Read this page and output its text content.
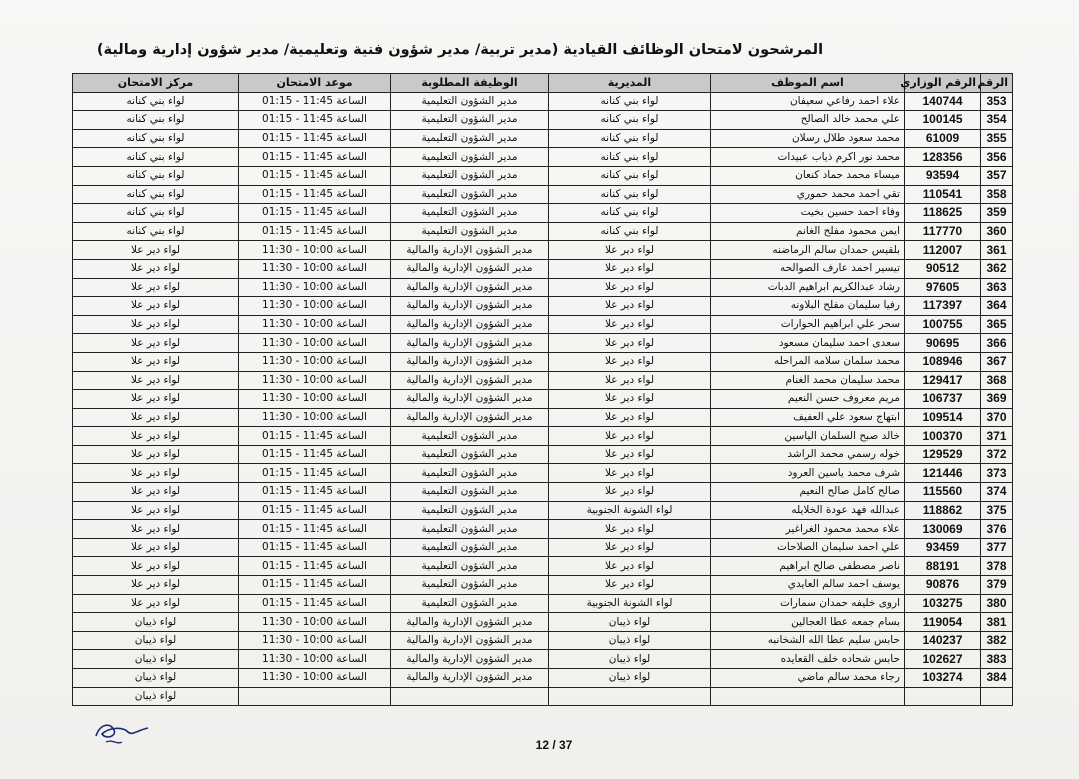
المرشحون لامتحان الوظائف القيادية (مدير تربية/ مدير شؤون فنية وتعليمية/ مدير شؤون إدارية ومالية)
الرقم	الرقم الوزاري	اسم الموظف	المديرية	الوظيفة المطلوبة	موعد الامتحان	مركز الامتحان
353	140744	علاء احمد رفاعي سعيفان	لواء بني كنانه	مدير الشؤون التعليمية	الساعة 11:45 - 01:15	لواء بني كنانه
354	100145	علي محمد خالد الصالح	لواء بني كنانه	مدير الشؤون التعليمية	الساعة 11:45 - 01:15	لواء بني كنانه
355	61009	محمد سعود طلال رسلان	لواء بني كنانه	مدير الشؤون التعليمية	الساعة 11:45 - 01:15	لواء بني كنانه
356	128356	محمد نور اكرم ذياب عبيدات	لواء بني كنانه	مدير الشؤون التعليمية	الساعة 11:45 - 01:15	لواء بني كنانه
357	93594	ميساء محمد حماد كنعان	لواء بني كنانه	مدير الشؤون التعليمية	الساعة 11:45 - 01:15	لواء بني كنانه
358	110541	تقي احمد محمد حموري	لواء بني كنانه	مدير الشؤون التعليمية	الساعة 11:45 - 01:15	لواء بني كنانه
359	118625	وفاء احمد حسين بخيت	لواء بني كنانه	مدير الشؤون التعليمية	الساعة 11:45 - 01:15	لواء بني كنانه
360	117770	ايمن محمود مفلح الغانم	لواء بني كنانه	مدير الشؤون التعليمية	الساعة 11:45 - 01:15	لواء بني كنانه
361	112007	بلقيس حمدان سالم الرماضنه	لواء دير علا	مدير الشؤون الإدارية والمالية	الساعة 10:00 - 11:30	لواء دير علا
362	90512	تيسير احمد عارف الصوالحه	لواء دير علا	مدير الشؤون الإدارية والمالية	الساعة 10:00 - 11:30	لواء دير علا
363	97605	رشاد عبدالكريم ابراهيم الدبات	لواء دير علا	مدير الشؤون الإدارية والمالية	الساعة 10:00 - 11:30	لواء دير علا
364	117397	رفيا سليمان مفلح البلاونه	لواء دير علا	مدير الشؤون الإدارية والمالية	الساعة 10:00 - 11:30	لواء دير علا
365	100755	سحر علي ابراهيم الحوارات	لواء دير علا	مدير الشؤون الإدارية والمالية	الساعة 10:00 - 11:30	لواء دير علا
366	90695	سعدى احمد سليمان مسعود	لواء دير علا	مدير الشؤون الإدارية والمالية	الساعة 10:00 - 11:30	لواء دير علا
367	108946	محمد سلمان سلامه المراحله	لواء دير علا	مدير الشؤون الإدارية والمالية	الساعة 10:00 - 11:30	لواء دير علا
368	129417	محمد سليمان محمد الغنام	لواء دير علا	مدير الشؤون الإدارية والمالية	الساعة 10:00 - 11:30	لواء دير علا
369	106737	مريم معروف حسن النعيم	لواء دير علا	مدير الشؤون الإدارية والمالية	الساعة 10:00 - 11:30	لواء دير علا
370	109514	ابتهاج سعود علي العفيف	لواء دير علا	مدير الشؤون الإدارية والمالية	الساعة 10:00 - 11:30	لواء دير علا
371	100370	خالد صبح السلمان الياسين	لواء دير علا	مدير الشؤون التعليمية	الساعة 11:45 - 01:15	لواء دير علا
372	129529	خوله رسمي محمد الراشد	لواء دير علا	مدير الشؤون التعليمية	الساعة 11:45 - 01:15	لواء دير علا
373	121446	شرف محمد ياسين العرود	لواء دير علا	مدير الشؤون التعليمية	الساعة 11:45 - 01:15	لواء دير علا
374	115560	صالح كامل صالح النعيم	لواء دير علا	مدير الشؤون التعليمية	الساعة 11:45 - 01:15	لواء دير علا
375	118862	عبدالله فهد عودة الخلايله	لواء الشونة الجنوبية	مدير الشؤون التعليمية	الساعة 11:45 - 01:15	لواء دير علا
376	130069	علاء محمد محمود الغراغير	لواء دير علا	مدير الشؤون التعليمية	الساعة 11:45 - 01:15	لواء دير علا
377	93459	علي احمد سليمان الصلاحات	لواء دير علا	مدير الشؤون التعليمية	الساعة 11:45 - 01:15	لواء دير علا
378	88191	ناصر مصطفى صالح ابراهيم	لواء دير علا	مدير الشؤون التعليمية	الساعة 11:45 - 01:15	لواء دير علا
379	90876	يوسف احمد سالم العايدي	لواء دير علا	مدير الشؤون التعليمية	الساعة 11:45 - 01:15	لواء دير علا
380	103275	اروى خليفه حمدان سمارات	لواء الشونة الجنوبية	مدير الشؤون التعليمية	الساعة 11:45 - 01:15	لواء دير علا
381	119054	بسام جمعه عطا العجالين	لواء ذيبان	مدير الشؤون الإدارية والمالية	الساعة 10:00 - 11:30	لواء ذيبان
382	140237	حابس سليم عطا الله الشخانبه	لواء ذيبان	مدير الشؤون الإدارية والمالية	الساعة 10:00 - 11:30	لواء ذيبان
383	102627	حابس شحاده خلف القعايده	لواء ذيبان	مدير الشؤون الإدارية والمالية	الساعة 10:00 - 11:30	لواء ذيبان
384	103274	رجاء محمد سالم ماضي	لواء ذيبان	مدير الشؤون الإدارية والمالية	الساعة 10:00 - 11:30	لواء ذيبان
						لواء ذيبان
12 / 37
